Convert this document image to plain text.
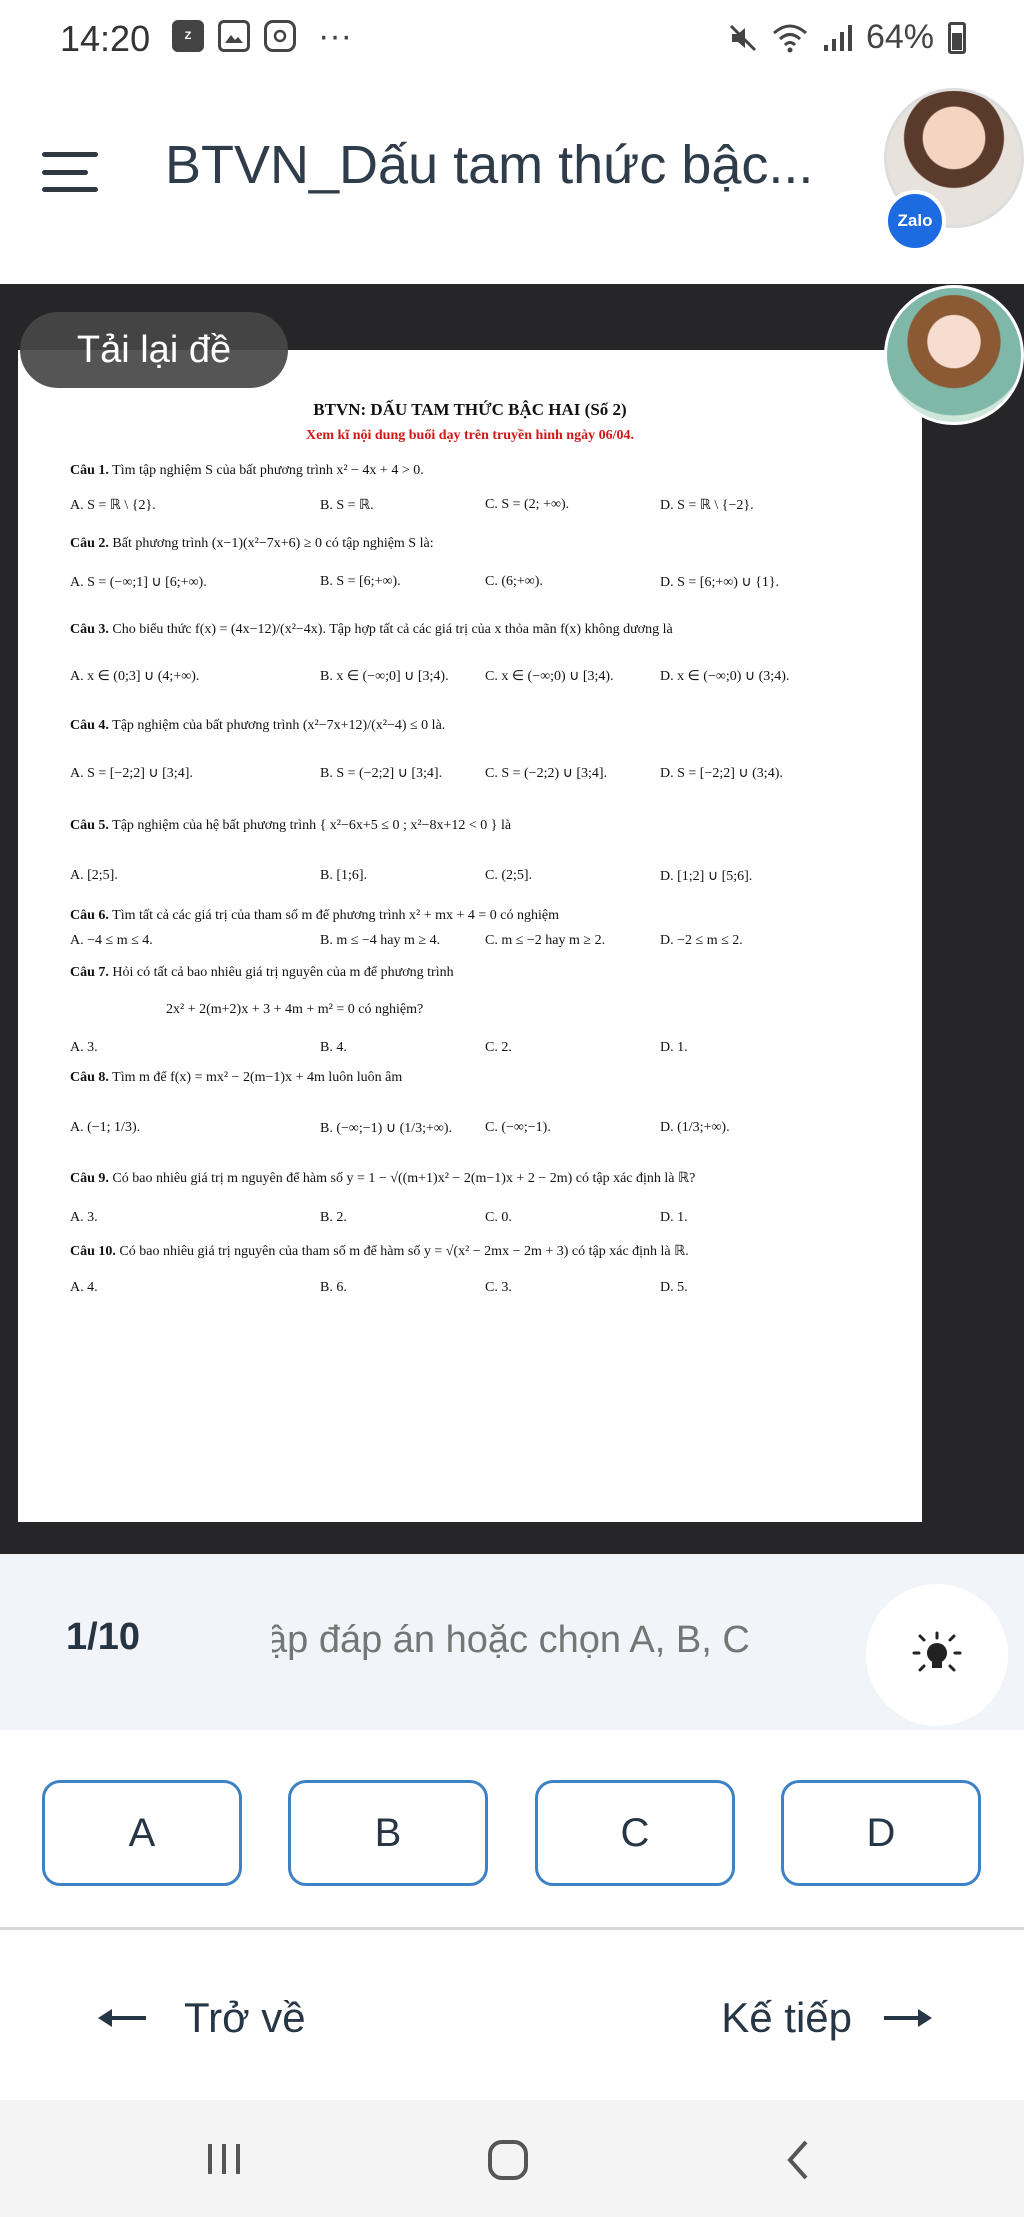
14:20	Z	···	64%
BTVN_Dấu tam thức bậc...
Zalo
Tải lại đề
BTVN: DẤU TAM THỨC BẬC HAI (Số 2)
Xem kĩ nội dung buổi dạy trên truyền hình ngày 06/04.
Câu 1. Tìm tập nghiệm S của bất phương trình x² − 4x + 4 > 0.
A. S = ℝ \ {2}.	B. S = ℝ.	C. S = (2; +∞).	D. S = ℝ \ {−2}.
Câu 2. Bất phương trình (x−1)(x²−7x+6) ≥ 0 có tập nghiệm S là:
A. S = (−∞;1] ∪ [6;+∞).	B. S = [6;+∞).	C. (6;+∞).	D. S = [6;+∞) ∪ {1}.
Câu 3. Cho biểu thức f(x) = (4x−12)/(x²−4x). Tập hợp tất cả các giá trị của x thỏa mãn f(x) không dương là
A. x ∈ (0;3] ∪ (4;+∞).	B. x ∈ (−∞;0] ∪ [3;4).	C. x ∈ (−∞;0) ∪ [3;4).	D. x ∈ (−∞;0) ∪ (3;4).
Câu 4. Tập nghiệm của bất phương trình (x²−7x+12)/(x²−4) ≤ 0 là.
A. S = [−2;2] ∪ [3;4].	B. S = (−2;2] ∪ [3;4].	C. S = (−2;2) ∪ [3;4].	D. S = [−2;2] ∪ (3;4).
Câu 5. Tập nghiệm của hệ bất phương trình { x²−6x+5 ≤ 0 ; x²−8x+12 < 0 } là
A. [2;5].	B. [1;6].	C. (2;5].	D. [1;2] ∪ [5;6].
Câu 6. Tìm tất cả các giá trị của tham số m để phương trình x² + mx + 4 = 0 có nghiệm
A. −4 ≤ m ≤ 4.	B. m ≤ −4 hay m ≥ 4.	C. m ≤ −2 hay m ≥ 2.	D. −2 ≤ m ≤ 2.
Câu 7. Hỏi có tất cả bao nhiêu giá trị nguyên của m để phương trình
2x² + 2(m+2)x + 3 + 4m + m² = 0 có nghiệm?
A. 3.	B. 4.	C. 2.	D. 1.
Câu 8. Tìm m để f(x) = mx² − 2(m−1)x + 4m luôn luôn âm
A. (−1; 1/3).	B. (−∞;−1) ∪ (1/3;+∞). C. (−∞;−1).	D. (1/3;+∞).
Câu 9. Có bao nhiêu giá trị m nguyên để hàm số y = 1 − √((m+1)x² − 2(m−1)x + 2 − 2m) có tập xác định là ℝ?
A. 3.	B. 2.	C. 0.	D. 1.
Câu 10. Có bao nhiêu giá trị nguyên của tham số m để hàm số y = √(x² − 2mx − 2m + 3) có tập xác định là ℝ.
A. 4.	B. 6.	C. 3.	D. 5.
1/10
ập đáp án hoặc chọn A, B, C
A	B	C	D
Trở về	Kế tiếp
